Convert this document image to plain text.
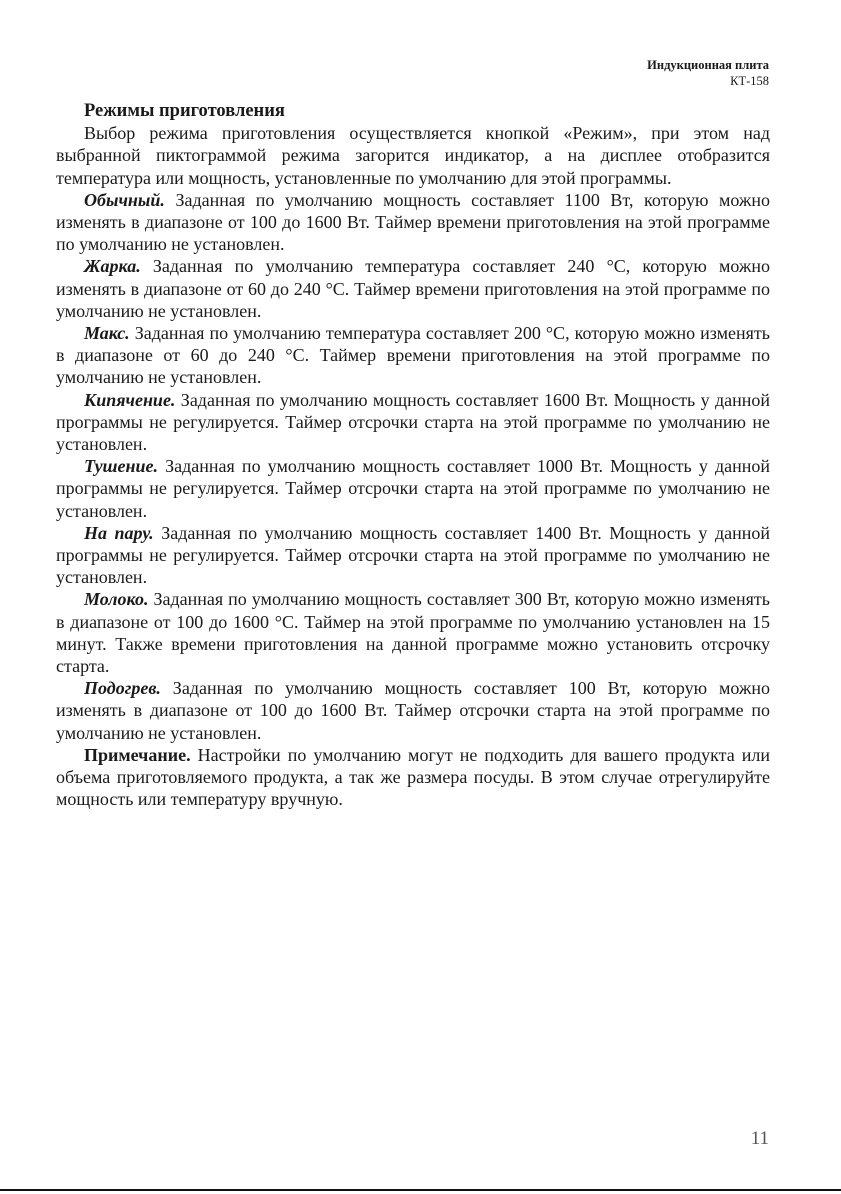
Индукционная плита
КТ-158
Режимы приготовления

Выбор режима приготовления осуществляется кнопкой «Режим», при этом над выбранной пиктограммой режима загорится индикатор, а на дисплее отобразится температура или мощность, установленные по умолчанию для этой программы.

Обычный. Заданная по умолчанию мощность составляет 1100 Вт, которую можно изменять в диапазоне от 100 до 1600 Вт. Таймер времени приготовления на этой программе по умолчанию не установлен.

Жарка. Заданная по умолчанию температура составляет 240 °С, которую можно изменять в диапазоне от 60 до 240 °С. Таймер времени приготовления на этой программе по умолчанию не установлен.

Макс. Заданная по умолчанию температура составляет 200 °С, которую можно изменять в диапазоне от 60 до 240 °С. Таймер времени приготовления на этой программе по умолчанию не установлен.

Кипячение. Заданная по умолчанию мощность составляет 1600 Вт. Мощность у данной программы не регулируется. Таймер отсрочки старта на этой программе по умолчанию не установлен.

Тушение. Заданная по умолчанию мощность составляет 1000 Вт. Мощность у данной программы не регулируется. Таймер отсрочки старта на этой программе по умолчанию не установлен.

На пару. Заданная по умолчанию мощность составляет 1400 Вт. Мощность у данной программы не регулируется. Таймер отсрочки старта на этой программе по умолчанию не установлен.

Молоко. Заданная по умолчанию мощность составляет 300 Вт, которую можно изменять в диапазоне от 100 до 1600 °С. Таймер на этой программе по умолчанию установлен на 15 минут. Также времени приготовления на данной программе можно установить отсрочку старта.

Подогрев. Заданная по умолчанию мощность составляет 100 Вт, которую можно изменять в диапазоне от 100 до 1600 Вт. Таймер отсрочки старта на этой программе по умолчанию не установлен.

Примечание. Настройки по умолчанию могут не подходить для вашего продукта или объема приготовляемого продукта, а так же размера посуды. В этом случае отрегулируйте мощность или температуру вручную.

11
